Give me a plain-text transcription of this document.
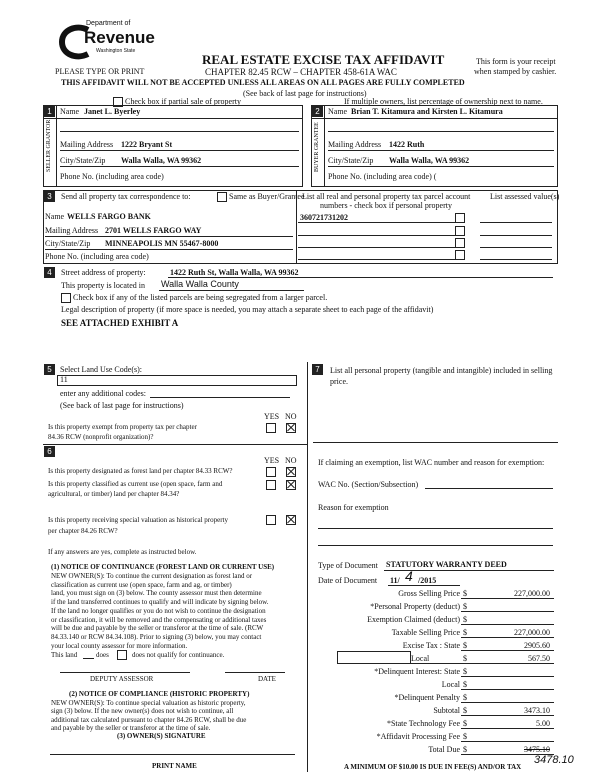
Department of
Revenue
Washington State
PLEASE TYPE OR PRINT
REAL ESTATE EXCISE TAX AFFIDAVIT
CHAPTER 82.45 RCW – CHAPTER 458-61A WAC
THIS AFFIDAVIT WILL NOT BE ACCEPTED UNLESS ALL AREAS ON ALL PAGES ARE FULLY COMPLETED
(See back of last page for instructions)
This form is your receipt
when stamped by cashier.
Check box if partial sale of property	If multiple owners, list percentage of ownership next to name.
1	2
SELLER GRANTOR	BUYER GRANTEE
Name Janet L. Byerley
Mailing Address 1222 Bryant St
City/State/Zip Walla Walla, WA 99362
Phone No. (including area code)
Name Brian T. Kitamura and Kirsten L. Kitamura
Mailing Address 1422 Ruth
City/State/Zip Walla Walla, WA 99362
Phone No. (including area code) (
3	Send all property tax correspondence to:	Same as Buyer/Grantee
Name WELLS FARGO BANK
Mailing Address 2701 WELLS FARGO WAY
City/State/Zip MINNEAPOLIS MN 55467-8000
Phone No. (including area code)
List all real and personal property tax parcel account
numbers - check box if personal property
List assessed value(s)
360721731202
4	Street address of property:	1422 Ruth St, Walla Walla, WA 99362
This property is located in Walla Walla County
Check box if any of the listed parcels are being segregated from a larger parcel.
Legal description of property (if more space is needed, you may attach a separate sheet to each page of the affidavit)
SEE ATTACHED EXHIBIT A
5	Select Land Use Code(s):
11
enter any additional codes:
(See back of last page for instructions)
YES NO
Is this property exempt from property tax per chapter
84.36 RCW (nonprofit organization)?
7	List all personal property (tangible and intangible) included in selling
price.
6
YES NO
Is this property designated as forest land per chapter 84.33 RCW?
Is this property classified as current use (open space, farm and
agricultural, or timber) land per chapter 84.34?
Is this property receiving special valuation as historical property
per chapter 84.26 RCW?
If any answers are yes, complete as instructed below.
(1) NOTICE OF CONTINUANCE (FOREST LAND OR CURRENT USE)
NEW OWNER(S): To continue the current designation as forest land or
classification as current use (open space, farm and ag, or timber)
land, you must sign on (3) below. The county assessor must then determine
if the land transferred continues to qualify and will indicate by signing below.
If the land no longer qualifies or you do not wish to continue the designation
or classification, it will be removed and the compensating or additional taxes
will be due and payable by the seller or transferor at the time of sale. (RCW
84.33.140 or RCW 84.34.108). Prior to signing (3) below, you may contact
your local county assessor for more information.
This land	does	does not qualify for continuance.
DEPUTY ASSESSOR	DATE
(2) NOTICE OF COMPLIANCE (HISTORIC PROPERTY)
NEW OWNER(S): To continue special valuation as historic property,
sign (3) below. If the new owner(s) does not wish to continue, all
additional tax calculated pursuant to chapter 84.26 RCW, shall be due
and payable by the seller or transferor at the time of sale.
(3) OWNER(S) SIGNATURE
PRINT NAME
If claiming an exemption, list WAC number and reason for exemption:
WAC No. (Section/Subsection)
Reason for exemption
Type of Document STATUTORY WARRANTY DEED
Date of Document 11/ 4 /2015
Gross Selling Price $	227,000.00
*Personal Property (deduct) $
Exemption Claimed (deduct) $
Taxable Selling Price $	227,000.00
Excise Tax : State $	2905.60
Local	$	567.50
*Delinquent Interest: State $
Local $
*Delinquent Penalty $
Subtotal $	3473.10
*State Technology Fee $	5.00
*Affidavit Processing Fee $
Total Due $	3475.10
3478.10
A MINIMUM OF $10.00 IS DUE IN FEE(S) AND/OR TAX
